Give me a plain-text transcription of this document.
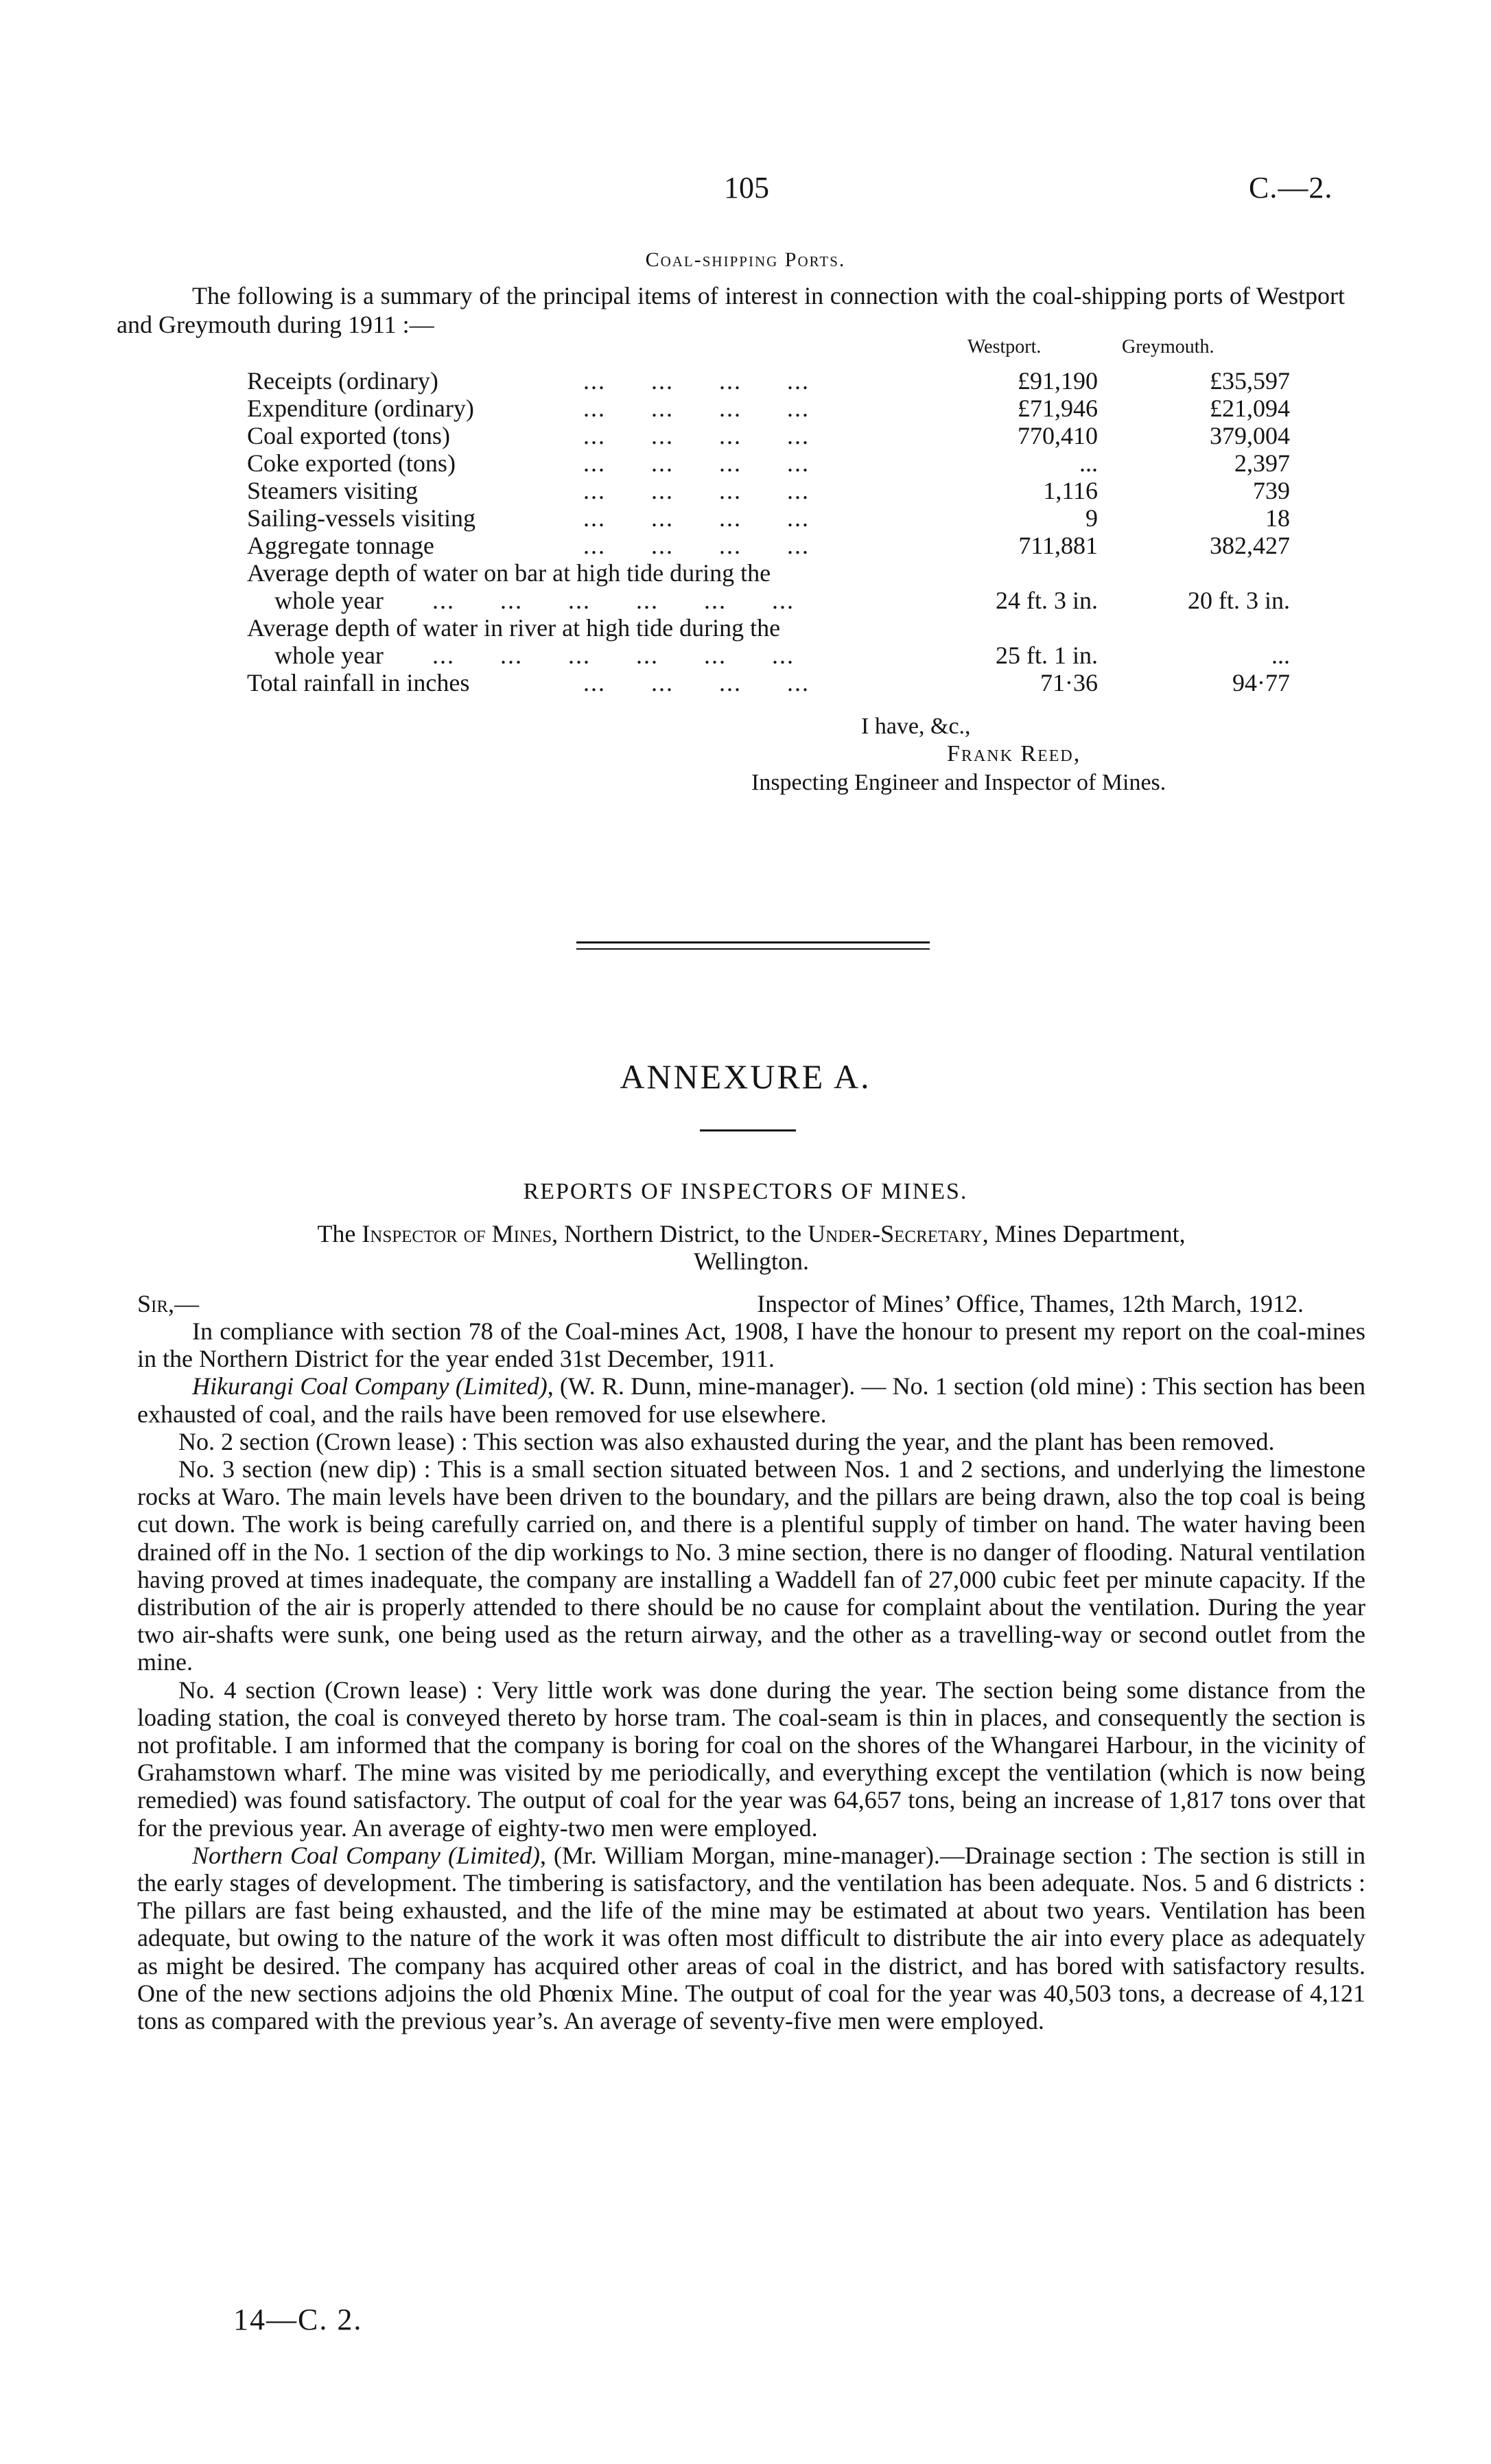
105	C.—2.
Coal-shipping Ports.
The following is a summary of the principal items of interest in connection with the coal-shipping ports of Westport and Greymouth during 1911 :—
Westport.	Greymouth.
Receipts (ordinary)	... ... ... ...	£91,190	£35,597
Expenditure (ordinary)	... ... ... ...	£71,946	£21,094
Coal exported (tons)	... ... ... ...	770,410	379,004
Coke exported (tons)	... ... ... ...	...	2,397
Steamers visiting	... ... ... ...	1,116	739
Sailing-vessels visiting	... ... ... ...	9	18
Aggregate tonnage	... ... ... ...	711,881	382,427
Average depth of water on bar at high tide during the
whole year ... ... ... ... ... ...	24 ft. 3 in.	20 ft. 3 in.
Average depth of water in river at high tide during the
whole year ... ... ... ... ... ...	25 ft. 1 in.	...
Total rainfall in inches	... ... ... ...	71·36	94·77
I have, &c.,
Frank Reed,
Inspecting Engineer and Inspector of Mines.
ANNEXURE A.
REPORTS OF INSPECTORS OF MINES.
The Inspector of Mines, Northern District, to the Under-Secretary, Mines Department,
Wellington.

Sir,—	Inspector of Mines’ Office, Thames, 12th March, 1912.

In compliance with section 78 of the Coal-mines Act, 1908, I have the honour to present my report on the coal-mines in the Northern District for the year ended 31st December, 1911.

Hikurangi Coal Company (Limited), (W. R. Dunn, mine-manager). — No. 1 section (old mine) : This section has been exhausted of coal, and the rails have been removed for use elsewhere.

No. 2 section (Crown lease) : This section was also exhausted during the year, and the plant has been removed.

No. 3 section (new dip) : This is a small section situated between Nos. 1 and 2 sections, and underlying the limestone rocks at Waro. The main levels have been driven to the boundary, and the pillars are being drawn, also the top coal is being cut down. The work is being carefully carried on, and there is a plentiful supply of timber on hand. The water having been drained off in the No. 1 section of the dip workings to No. 3 mine section, there is no danger of flooding. Natural ventilation having proved at times inadequate, the company are installing a Waddell fan of 27,000 cubic feet per minute capacity. If the distribution of the air is properly attended to there should be no cause for complaint about the ventilation. During the year two air-shafts were sunk, one being used as the return airway, and the other as a travelling-way or second outlet from the mine.

No. 4 section (Crown lease) : Very little work was done during the year. The section being some distance from the loading station, the coal is conveyed thereto by horse tram. The coal-seam is thin in places, and consequently the section is not profitable. I am informed that the company is boring for coal on the shores of the Whangarei Harbour, in the vicinity of Grahamstown wharf. The mine was visited by me periodically, and everything except the ventilation (which is now being remedied) was found satisfactory. The output of coal for the year was 64,657 tons, being an increase of 1,817 tons over that for the previous year. An average of eighty-two men were employed.

Northern Coal Company (Limited), (Mr. William Morgan, mine-manager).—Drainage section : The section is still in the early stages of development. The timbering is satisfactory, and the ventilation has been adequate. Nos. 5 and 6 districts : The pillars are fast being exhausted, and the life of the mine may be estimated at about two years. Ventilation has been adequate, but owing to the nature of the work it was often most difficult to distribute the air into every place as adequately as might be desired. The company has acquired other areas of coal in the district, and has bored with satisfactory results. One of the new sections adjoins the old Phœnix Mine. The output of coal for the year was 40,503 tons, a decrease of 4,121 tons as compared with the previous year’s. An average of seventy-five men were employed.

14—C. 2.
